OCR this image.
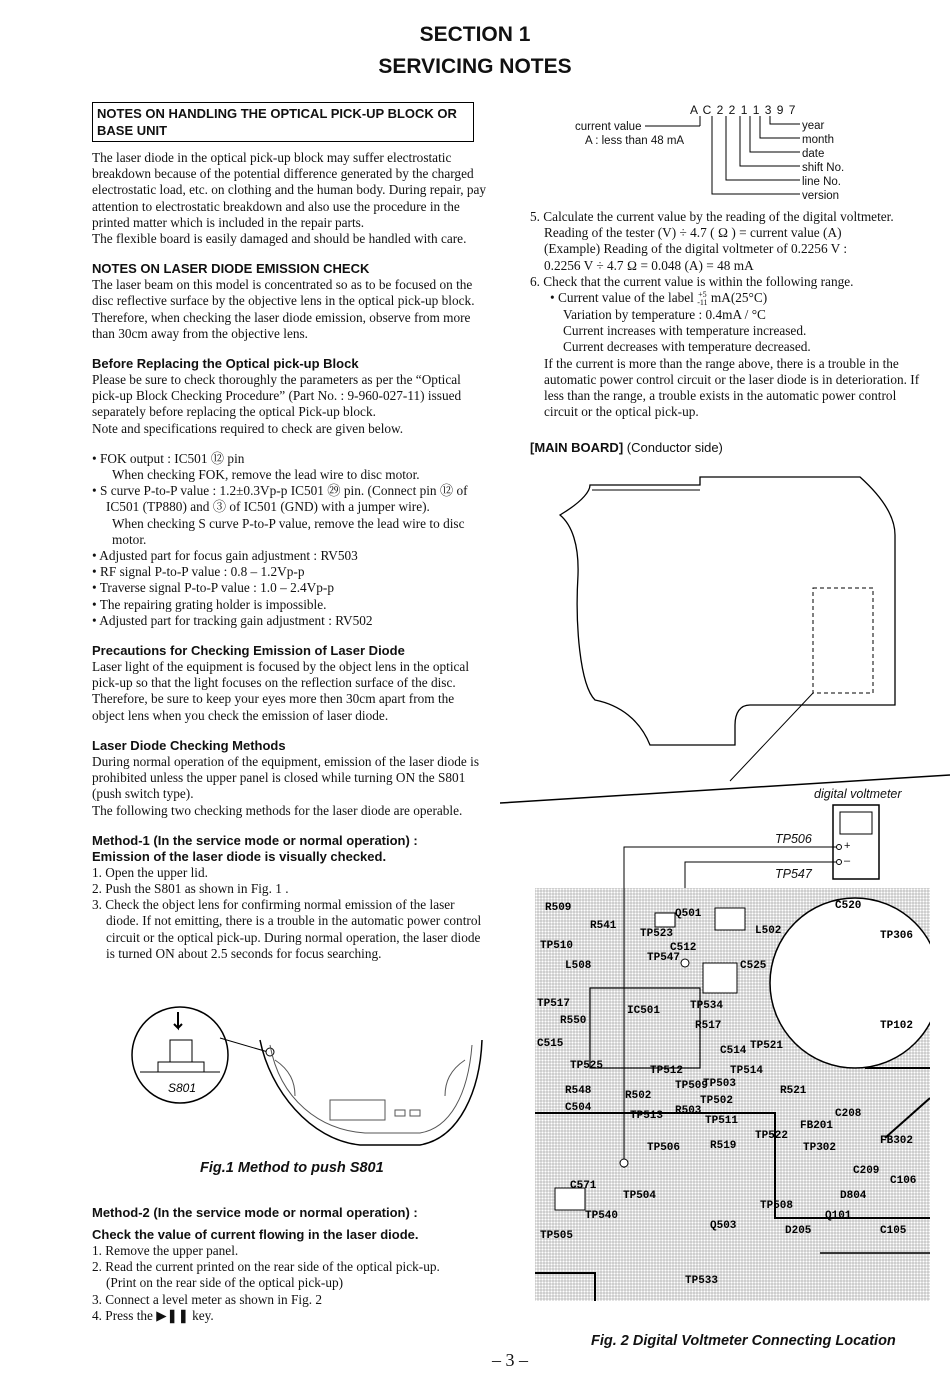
SECTION 1
SERVICING NOTES
NOTES ON HANDLING THE OPTICAL PICK-UP BLOCK OR BASE UNIT

The laser diode in the optical pick-up block may suffer electrostatic breakdown because of the potential difference generated by the charged electrostatic load, etc. on clothing and the human body. During repair, pay attention to electrostatic breakdown and also use the procedure in the printed matter which is included in the repair parts.

The flexible board is easily damaged and should be handled with care.

NOTES ON LASER DIODE EMISSION CHECK

The laser beam on this model is concentrated so as to be focused on the disc reflective surface by the objective lens in the optical pick-up block. Therefore, when checking the laser diode emission, observe from more than 30cm away from the objective lens.

Before Replacing the Optical pick-up Block

Please be sure to check thoroughly the parameters as per the “Optical pick-up Block Checking Procedure” (Part No. : 9-960-027-11) issued separately before replacing the optical Pick-up block.

Note and specifications required to check are given below.

• FOK output : IC501 ⑫ pin

When checking FOK, remove the lead wire to disc motor.

• S curve P-to-P value : 1.2±0.3Vp-p IC501 ㉙ pin. (Connect pin ⑫ of IC501 (TP880) and ③ of IC501 (GND) with a jumper wire).

When checking S curve P-to-P value, remove the lead wire to disc motor.

• Adjusted part for focus gain adjustment : RV503

• RF signal P-to-P value : 0.8 – 1.2Vp-p

• Traverse signal P-to-P value : 1.0 – 2.4Vp-p

• The repairing grating holder is impossible.

• Adjusted part for tracking gain adjustment : RV502

Precautions for Checking Emission of Laser Diode

Laser light of the equipment is focused by the object lens in the optical pick-up so that the light focuses on the reflection surface of the disc. Therefore, be sure to keep your eyes more then 30cm apart from the object lens when you check the emission of laser diode.

Laser Diode Checking Methods

During normal operation of the equipment, emission of the laser diode is prohibited unless the upper panel is closed while turning ON the S801 (push switch type).

The following two checking methods for the laser diode are operable.

Method-1 (In the service mode or normal operation) :

Emission of the laser diode is visually checked.

1. Open the upper lid.

2. Push the S801 as shown in Fig. 1 .

3. Check the object lens for confirming normal emission of the laser diode. If not emitting, there is a trouble in the automatic power control circuit or the optical pick-up. During normal operation, the laser diode is turned ON about 2.5 seconds for focus searching.

S801
Fig.1 Method to push S801

Method-2 (In the service mode or normal operation) :

Check the value of current flowing in the laser diode.

1. Remove the upper panel.

2. Read the current printed on the rear side of the optical pick-up.

(Print on the rear side of the optical pick-up)

3. Connect a level meter as shown in Fig. 2

4. Press the ▶❚❚ key.

A C 2 2 1 1 3 9 7
current value
A : less than 48 mA
year
month
date
shift No.
line No.
version

5. Calculate the current value by the reading of the digital voltmeter.

Reading of the tester (V) ÷ 4.7 ( Ω ) = current value (A)

(Example) Reading of the digital voltmeter of 0.2256 V :

0.2256 V ÷ 4.7 Ω = 0.048 (A) = 48 mA

6. Check that the current value is within the following range.

• Current value of the label +5
-11 mA(25°C)

Variation by temperature : 0.4mA / °C

Current increases with temperature increased.

Current decreases with temperature decreased.

If the current is more than the range above, there is a trouble in the automatic power control circuit or the laser diode is in deterioration. If less than the range, a trouble exists in the automatic power control circuit or the optical pick-up.

[MAIN BOARD] (Conductor side)
digital voltmeter
+
–
TP506
TP547
R509
R541
TP510
L508
TP517
R550
C515
R548
C504
TP525
TP523
Q501
TP547
C512
IC501	TP534
R517
C525
L502
TP513
TP509
TP502
TP511
R503
TP506
TP521
TP522
R519
TP503
TP504
TP540
C571
TP505
TP533
Q503
TP508
D205
FB201
R521
TP302
C208
FB302
C209
D804
Q101
C105
TP306
TP102
C520
C106
R502
TP512	TP514
C514
Fig. 2 Digital Voltmeter Connecting Location
– 3 –
